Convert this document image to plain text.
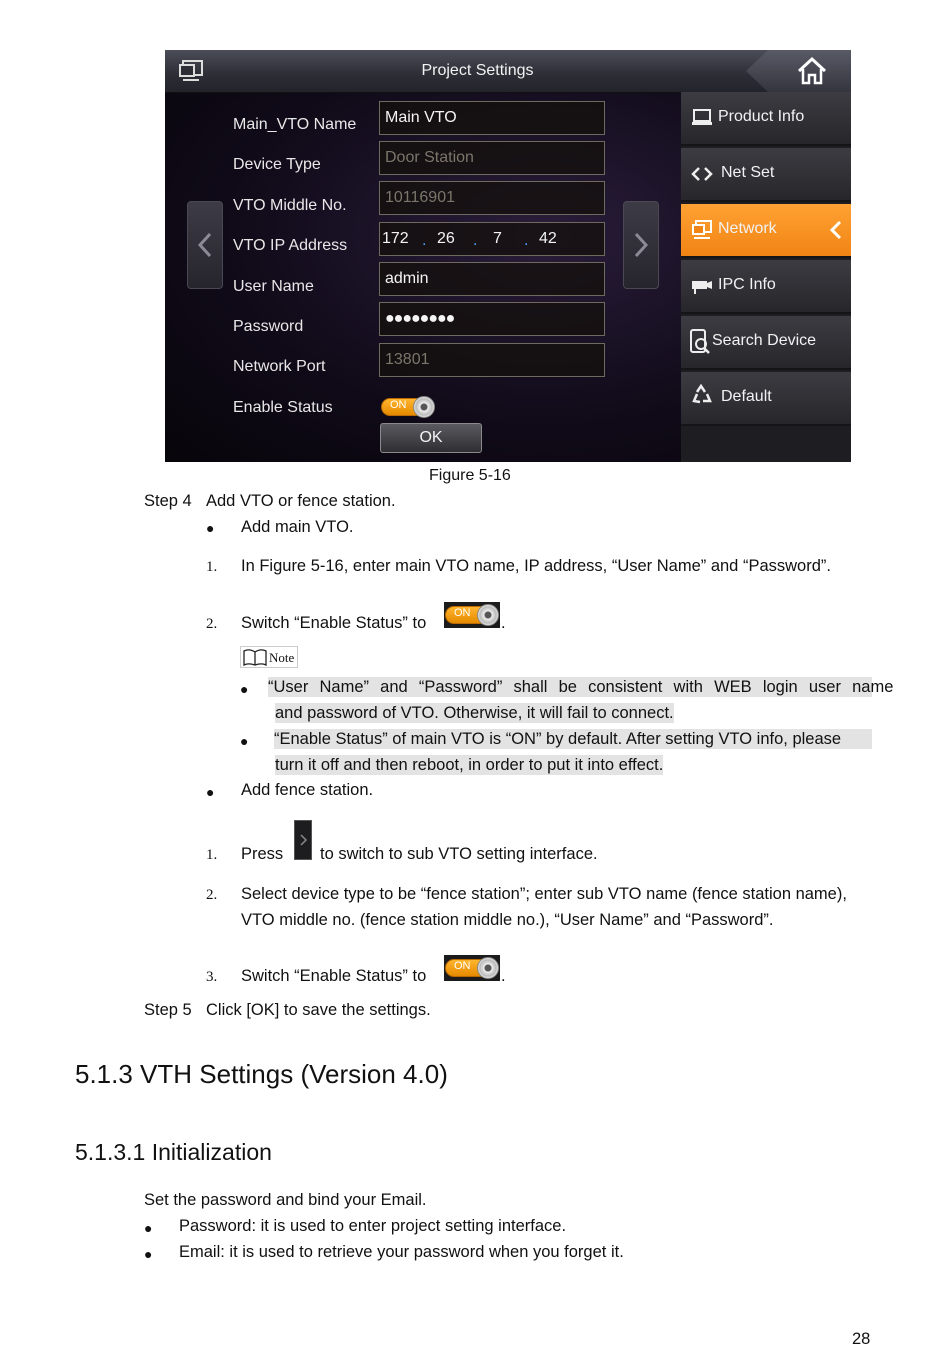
Project Settings
Main_VTO Name
Device Type
VTO Middle No.
VTO IP Address
User Name
Password
Network Port
Enable Status
Main VTO
Door Station
10116901
172 . 26 . 7 . 42
admin
●●●●●●●●
13801
ON
OK
Product Info
Net Set
Network
IPC Info
Search Device
Default
Figure 5-16
Step 4 Add VTO or fence station.
● Add main VTO.
1. In Figure 5-16, enter main VTO name, IP address, “User Name” and “Password”.
2. Switch “Enable Status” to
ON
.
Note
● “User  Name”  and  “Password”  shall  be  consistent  with  WEB  login  user  name
and password of VTO. Otherwise, it will fail to connect.
● “Enable Status” of main VTO is “ON” by default. After setting VTO info, please
turn it off and then reboot, in order to put it into effect.
● Add fence station.
1. Press to switch to sub VTO setting interface.
2. Select device type to be “fence station”; enter sub VTO name (fence station name),
VTO middle no. (fence station middle no.), “User Name” and “Password”.
3. Switch “Enable Status” to
ON
.
Step 5 Click [OK] to save the settings.
5.1.3 VTH Settings (Version 4.0)
5.1.3.1 Initialization
Set the password and bind your Email.
● Password: it is used to enter project setting interface.
● Email: it is used to retrieve your password when you forget it.
28
